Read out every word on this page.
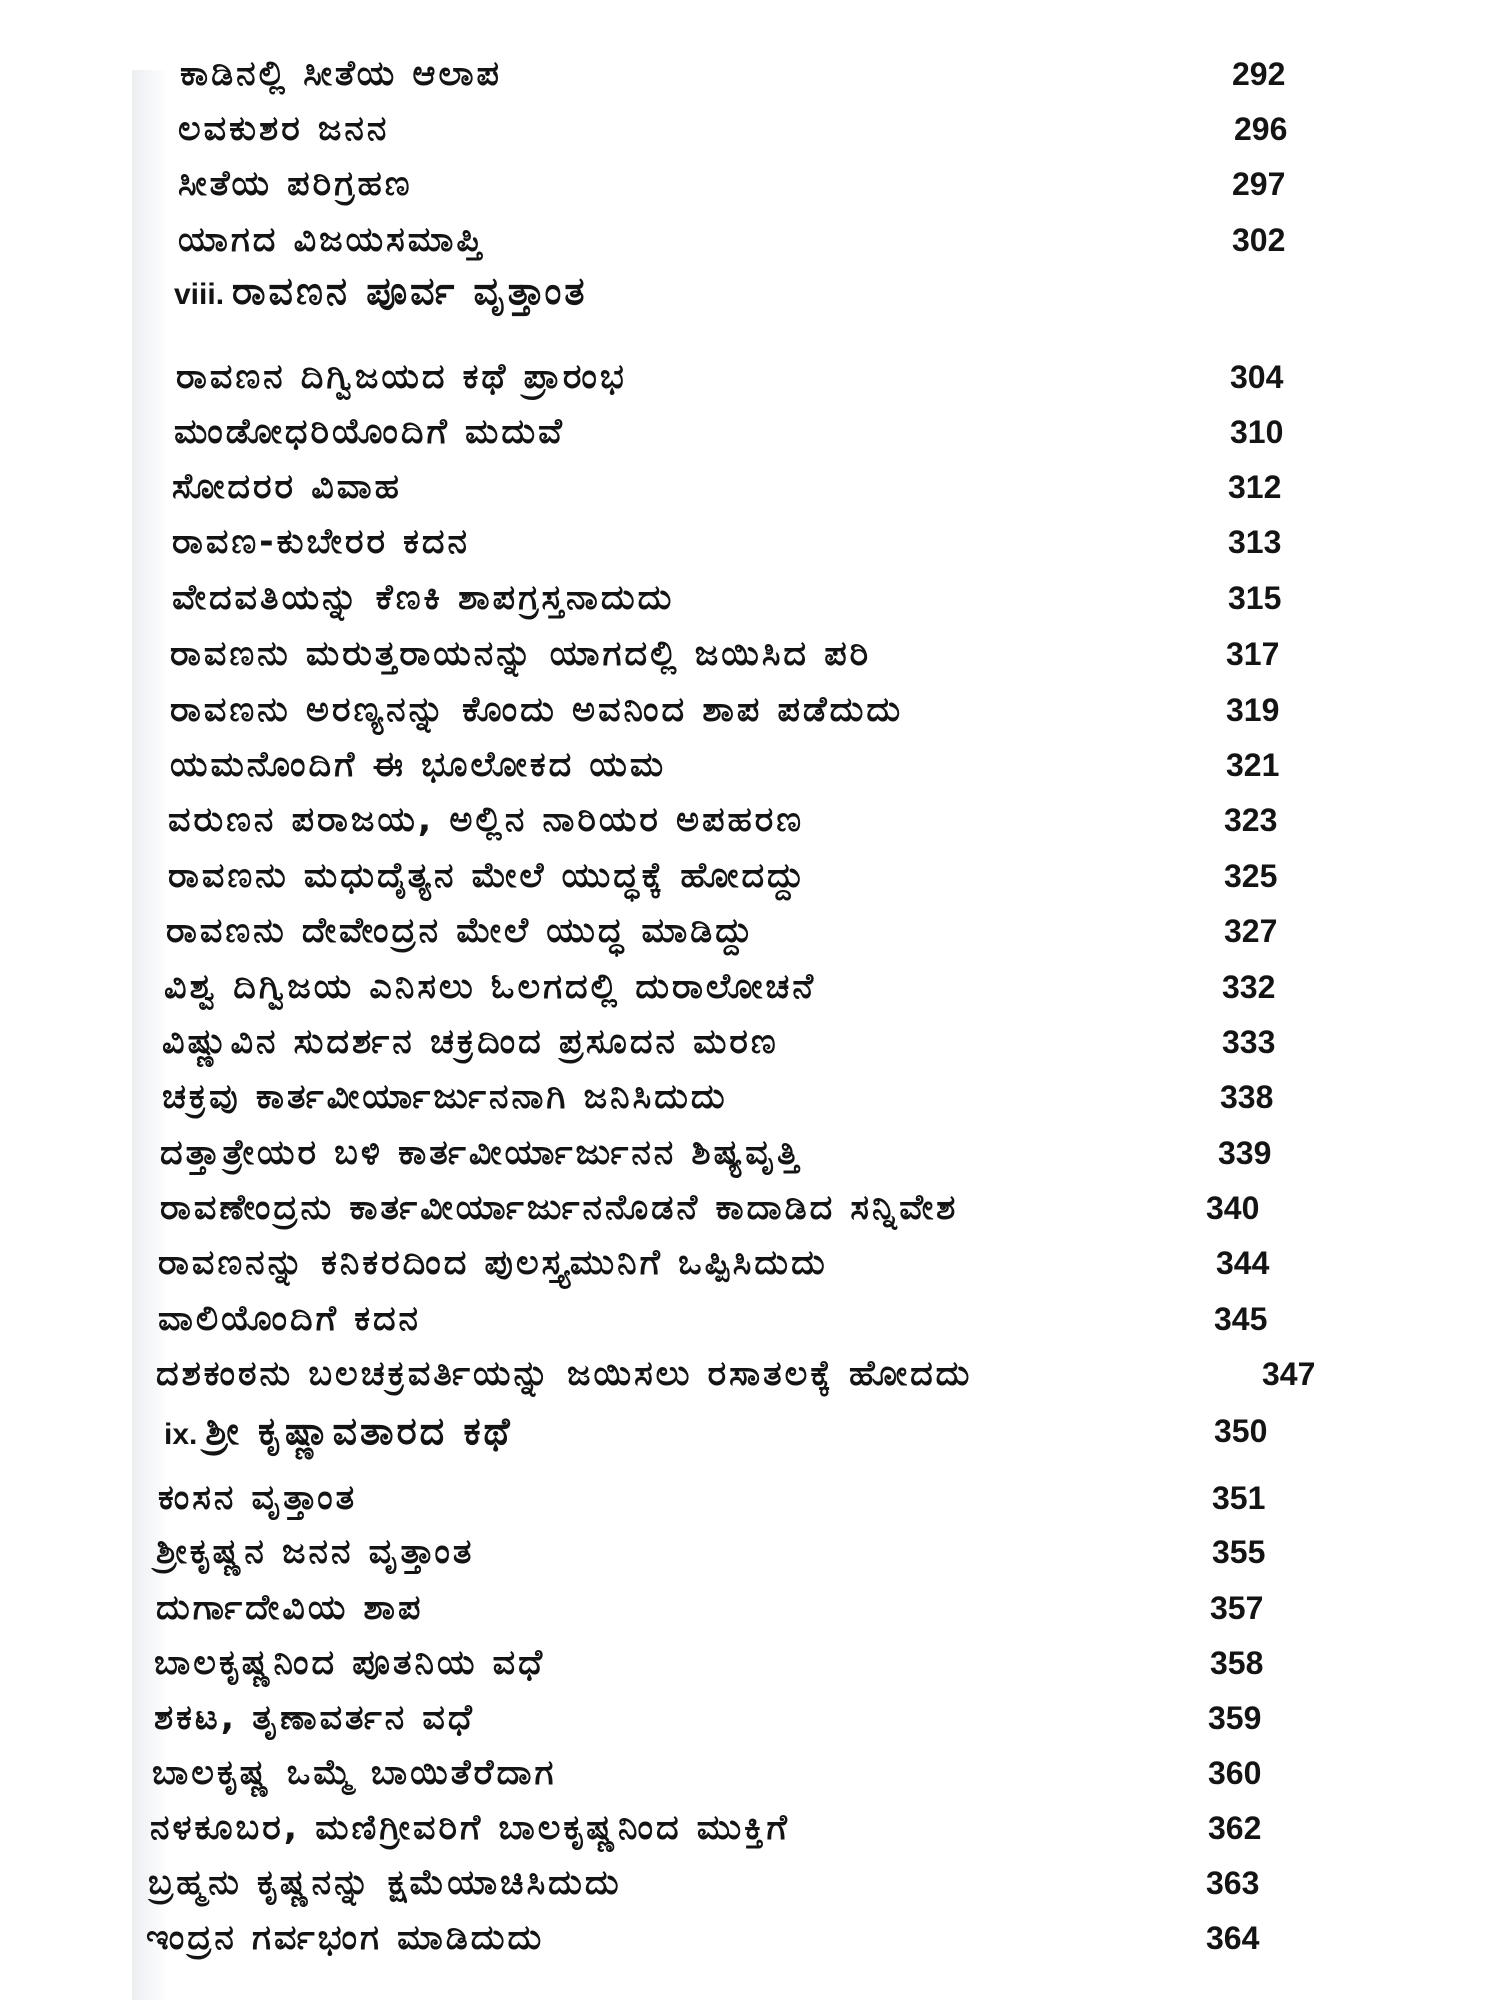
ಕಾಡಿನಲ್ಲಿ ಸೀತೆಯ ಆಲಾಪ	292
ಲವಕುಶರ ಜನನ	296
ಸೀತೆಯ ಪರಿಗ್ರಹಣ	297
ಯಾಗದ ವಿಜಯಸಮಾಪ್ತಿ	302
viii. ರಾವಣನ ಪೂರ್ವ ವೃತ್ತಾಂತ
ರಾವಣನ ದಿಗ್ವಿಜಯದ ಕಥೆ ಪ್ರಾರಂಭ	304
ಮಂಡೋಧರಿಯೊಂದಿಗೆ ಮದುವೆ	310
ಸೋದರರ ವಿವಾಹ	312
ರಾವಣ-ಕುಬೇರರ ಕದನ	313
ವೇದವತಿಯನ್ನು ಕೆಣಕಿ ಶಾಪಗ್ರಸ್ತನಾದುದು	315
ರಾವಣನು ಮರುತ್ತರಾಯನನ್ನು ಯಾಗದಲ್ಲಿ ಜಯಿಸಿದ ಪರಿ	317
ರಾವಣನು ಅರಣ್ಯನನ್ನು ಕೊಂದು ಅವನಿಂದ ಶಾಪ ಪಡೆದುದು	319
ಯಮನೊಂದಿಗೆ ಈ ಭೂಲೋಕದ ಯಮ	321
ವರುಣನ ಪರಾಜಯ, ಅಲ್ಲಿನ ನಾರಿಯರ ಅಪಹರಣ	323
ರಾವಣನು ಮಧುದೈತ್ಯನ ಮೇಲೆ ಯುದ್ಧಕ್ಕೆ ಹೋದದ್ದು	325
ರಾವಣನು ದೇವೇಂದ್ರನ ಮೇಲೆ ಯುದ್ಧ ಮಾಡಿದ್ದು	327
ವಿಶ್ವ ದಿಗ್ವಿಜಯ ಎನಿಸಲು ಓಲಗದಲ್ಲಿ ದುರಾಲೋಚನೆ	332
ವಿಷ್ಣುವಿನ ಸುದರ್ಶನ ಚಕ್ರದಿಂದ ಪ್ರಸೂದನ ಮರಣ	333
ಚಕ್ರವು ಕಾರ್ತವೀರ್ಯಾರ್ಜುನನಾಗಿ ಜನಿಸಿದುದು	338
ದತ್ತಾತ್ರೇಯರ ಬಳಿ ಕಾರ್ತವೀರ್ಯಾರ್ಜುನನ ಶಿಷ್ಯವೃತ್ತಿ	339
ರಾವಣೇಂದ್ರನು ಕಾರ್ತವೀರ್ಯಾರ್ಜುನನೊಡನೆ ಕಾದಾಡಿದ ಸನ್ನಿವೇಶ	340
ರಾವಣನನ್ನು ಕನಿಕರದಿಂದ ಪುಲಸ್ತ್ಯಮುನಿಗೆ ಒಪ್ಪಿಸಿದುದು	344
ವಾಲಿಯೊಂದಿಗೆ ಕದನ	345
ದಶಕಂಠನು ಬಲಚಕ್ರವರ್ತಿಯನ್ನು ಜಯಿಸಲು ರಸಾತಲಕ್ಕೆ ಹೋದದು	347
ix. ಶ್ರೀ ಕೃಷ್ಣಾವತಾರದ ಕಥೆ	350
ಕಂಸನ ವೃತ್ತಾಂತ	351
ಶ್ರೀಕೃಷ್ಣನ ಜನನ ವೃತ್ತಾಂತ	355
ದುರ್ಗಾದೇವಿಯ ಶಾಪ	357
ಬಾಲಕೃಷ್ಣನಿಂದ ಪೂತನಿಯ ವಧೆ	358
ಶಕಟ, ತೃಣಾವರ್ತನ ವಧೆ	359
ಬಾಲಕೃಷ್ಣ ಒಮ್ಮೆ ಬಾಯಿತೆರೆದಾಗ	360
ನಳಕೂಬರ, ಮಣಿಗ್ರೀವರಿಗೆ ಬಾಲಕೃಷ್ಣನಿಂದ ಮುಕ್ತಿಗೆ	362
ಬ್ರಹ್ಮನು ಕೃಷ್ಣನನ್ನು ಕ್ಷಮೆಯಾಚಿಸಿದುದು	363
ಇಂದ್ರನ ಗರ್ವಭಂಗ ಮಾಡಿದುದು	364
